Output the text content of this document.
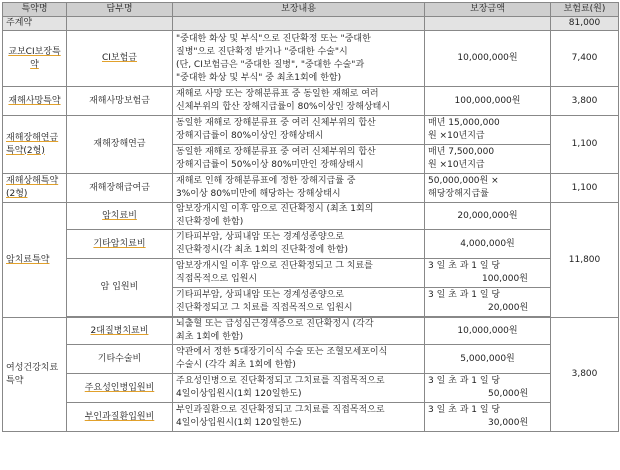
특약명	담부명	보장내용	보장금액	보험료(원)
주계약				81,000
교보CI보장특약	CI보험금	"중대한 화상 및 부식"으로 진단확정 또는 "중대한
질병"으로 진단확정 받거나 "중대한 수술"시
(단, CI보험금은 "중대한 질병", "중대한 수술"과
"중대한 화상 및 부식" 중 최초1회에 한함)	10,000,000원	7,400
재해사망특약	재해사망보험금	재해로 사망 또는 장해분류표 중 동일한 재해로 여러
신체부위의 합산 장해지급률이 80%이상인 장해상태시	100,000,000원	3,800

재해장해연금
특약(2형)	재해장해연금	동일한 재해로 장해분류표 중 여러 신체부위의 합산
장해지급률이 80%이상인 장해상태시	매년 15,000,000
원 ×10년지급	1,100

		동일한 재해로 장해분류표 중 여러 신체부위의 합산
장해지급률이 50%이상 80%미만인 장해상태시	매년 7,500,000
원 ×10년지급	

재해상해특약
(2형)	재해장해급여금	재해로 인해 장해분류표에 정한 장해지급률 중
3%이상 80%미만에 해당하는 장해상태시	50,000,000원 ×
해당장해지급률	1,100
암치료특약	암치료비	암보장개시일 이후 암으로 진단확정시 (최초 1회의
진단확정에 한함)	20,000,000원	11,800
	기타암치료비	기타피부암, 상피내암 또는 경계성종양으로
진단확정시(각 최초 1회의 진단확정에 한함)	4,000,000원	
	암 입원비	암보장개시일 이후 암으로 진단확정되고 그 치료를
직접목적으로 입원시	3 일 초 과 1 일 당
100,000원	

		기타피부암, 상피내암 또는 경계성종양으로
진단확정되고 그 치료를 직접목적으로 입원시	3 일 초 과 1 일 당
20,000원	

여성건강치료
특약	2대질병치료비	뇌출혈 또는 급성심근경색증으로 진단확정시 (각각
최초 1회에 한함)	10,000,000원	3,800
	기타수술비	약관에서 정한 5대장기이식 수술 또는 조혈모세포이식
수술시 (각각 최초 1회에 한함)	5,000,000원	
	주요성인병입원비	주요성인병으로 진단확정되고 그치료를 직접목적으로
4일이상입원시(1회 120일한도)	3 일 초 과 1 일 당
50,000원	

	부인과질환입원비	부인과질환으로 진단확정되고 그치료를 직접목적으로
4일이상입원시(1회 120일한도)	3 일 초 과 1 일 당
30,000원	
